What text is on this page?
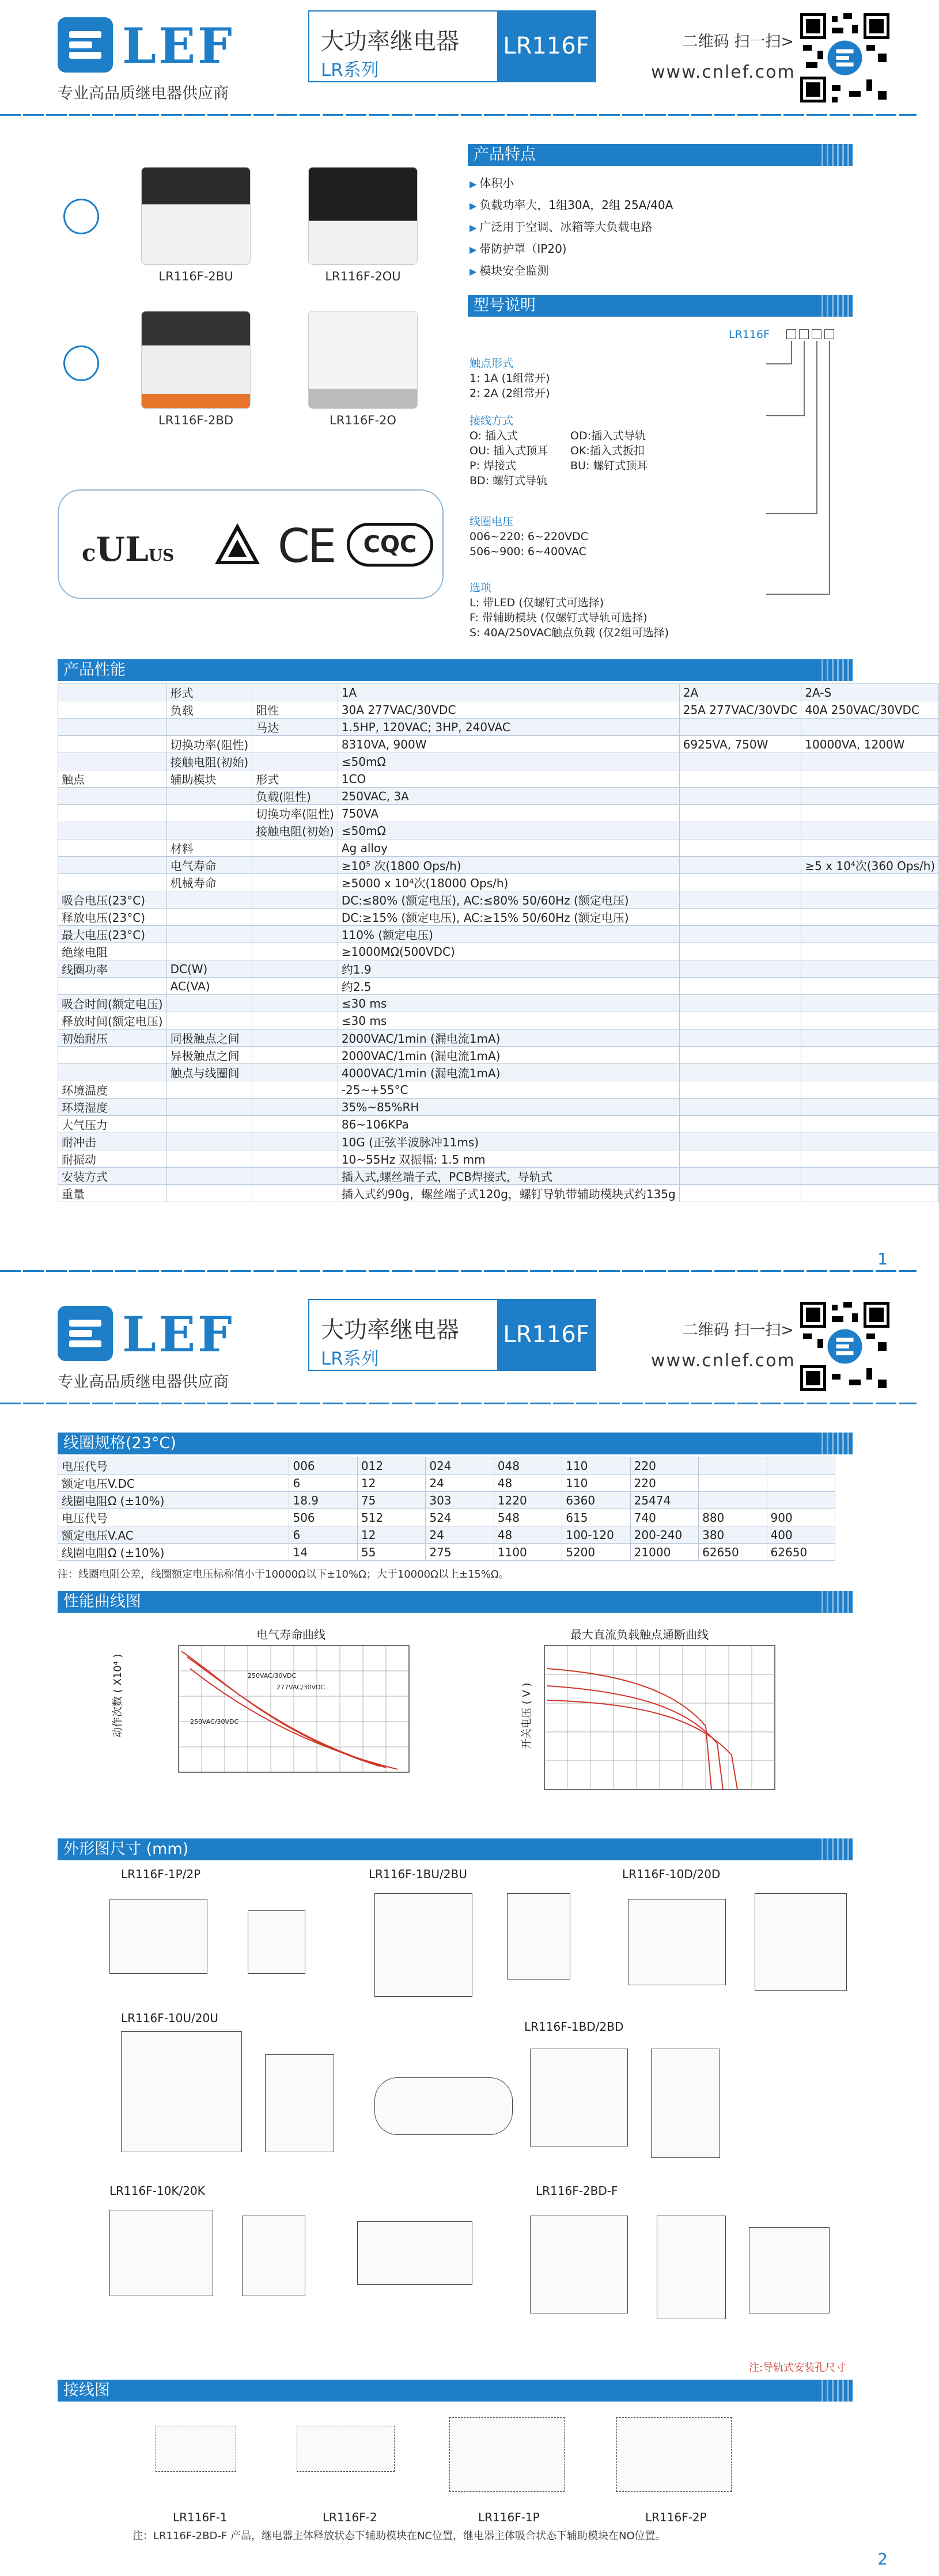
LEF
专业高品质继电器供应商
大功率继电器
LR系列
LR116F	二维码 扫一扫>
www.cnlef.com
LR116F-2BU	LR116F-2OU
LR116F-2BD	LR116F-2O
cULUS CE	CQC
产品特点
▶ 体积小
▶ 负载功率大，1组30A，2组 25A/40A
▶ 广泛用于空调、冰箱等大负载电路
▶ 带防护罩（IP20)
▶ 模块安全监测
型号说明
LR116F
触点形式
1: 1A (1组常开)
2: 2A (2组常开)
接线方式
O: 插入式	OD:插入式导轨
OU: 插入式顶耳 OK:插入式扳扣
P: 焊接式	BU: 螺钉式顶耳
BD: 螺钉式导轨
线圈电压
006~220: 6~220VDC
506~900: 6~400VAC
选项
L: 带LED (仅螺钉式可选择)
F: 带辅助模块 (仅螺钉式导轨可选择)
S: 40A/250VAC触点负载 (仅2组可选择)
产品性能
	形式		1A	2A	2A-S
	负载	阻性	30A 277VAC/30VDC	25A 277VAC/30VDC	40A 250VAC/30VDC
		马达	1.5HP, 120VAC; 3HP, 240VAC		
	切换功率(阻性)		8310VA, 900W	6925VA, 750W	10000VA, 1200W
	接触电阻(初始)		≤50mΩ		
触点	辅助模块	形式	1CO		
		负载(阻性)	250VAC, 3A		
		切换功率(阻性)	750VA		
		接触电阻(初始)	≤50mΩ		
	材料		Ag alloy		
	电气寿命		≥10⁵ 次(1800 Ops/h)		≥5 x 10⁴次(360 Ops/h)
	机械寿命		≥5000 x 10⁴次(18000 Ops/h)		
吸合电压(23°C)			DC:≤80% (额定电压), AC:≤80% 50/60Hz (额定电压)		
释放电压(23°C)			DC:≥15% (额定电压), AC:≥15% 50/60Hz (额定电压)		
最大电压(23°C)			110% (额定电压)		
绝缘电阻			≥1000MΩ(500VDC)		
线圈功率	DC(W)		约1.9		
	AC(VA)		约2.5		
吸合时间(额定电压)			≤30 ms		
释放时间(额定电压)			≤30 ms		
初始耐压	同极触点之间		2000VAC/1min (漏电流1mA)		
	异极触点之间		2000VAC/1min (漏电流1mA)		
	触点与线圈间		4000VAC/1min (漏电流1mA)		
环境温度			-25~+55°C		
环境湿度			35%~85%RH		
大气压力			86~106KPa		
耐冲击			10G (正弦半波脉冲11ms)		
耐振动			10~55Hz 双振幅: 1.5 mm		
安装方式			插入式,螺丝端子式，PCB焊接式，导轨式		
重量			插入式约90g，螺丝端子式120g，螺钉导轨带辅助模块式约135g		
1
LEF
专业高品质继电器供应商
大功率继电器
LR系列
LR116F	二维码 扫一扫>
www.cnlef.com
线圈规格(23°C)
电压代号	006	012	024	048	110	220		
额定电压V.DC	6	12	24	48	110	220		
线圈电阻Ω (±10%)	18.9	75	303	1220	6360	25474		
电压代号	506	512	524	548	615	740	880	900
额定电压V.AC	6	12	24	48	100-120	200-240	380	400
线圈电阻Ω (±10%)	14	55	275	1100	5200	21000	62650	62650
注：线圈电阻公差，线圈额定电压标称值小于10000Ω以下±10%Ω；大于10000Ω以上±15%Ω。
性能曲线图
电气寿命曲线	最大直流负载触点通断曲线
250VAC/30VDC
277VAC/30VDC
250VAC/30VDC
动作次数 ( X10⁴ )	开关电压 ( V )
外形图尺寸 (mm)
LR116F-1P/2P	LR116F-1BU/2BU	LR116F-10D/20D
LR116F-10U/20U
LR116F-1BD/2BD
LR116F-10K/20K	LR116F-2BD-F
注:导轨式安装孔尺寸
接线图
LR116F-1	LR116F-2	LR116F-1P	LR116F-2P
注：LR116F-2BD-F 产品，继电器主体释放状态下辅助模块在NC位置，继电器主体吸合状态下辅助模块在NO位置。
2
